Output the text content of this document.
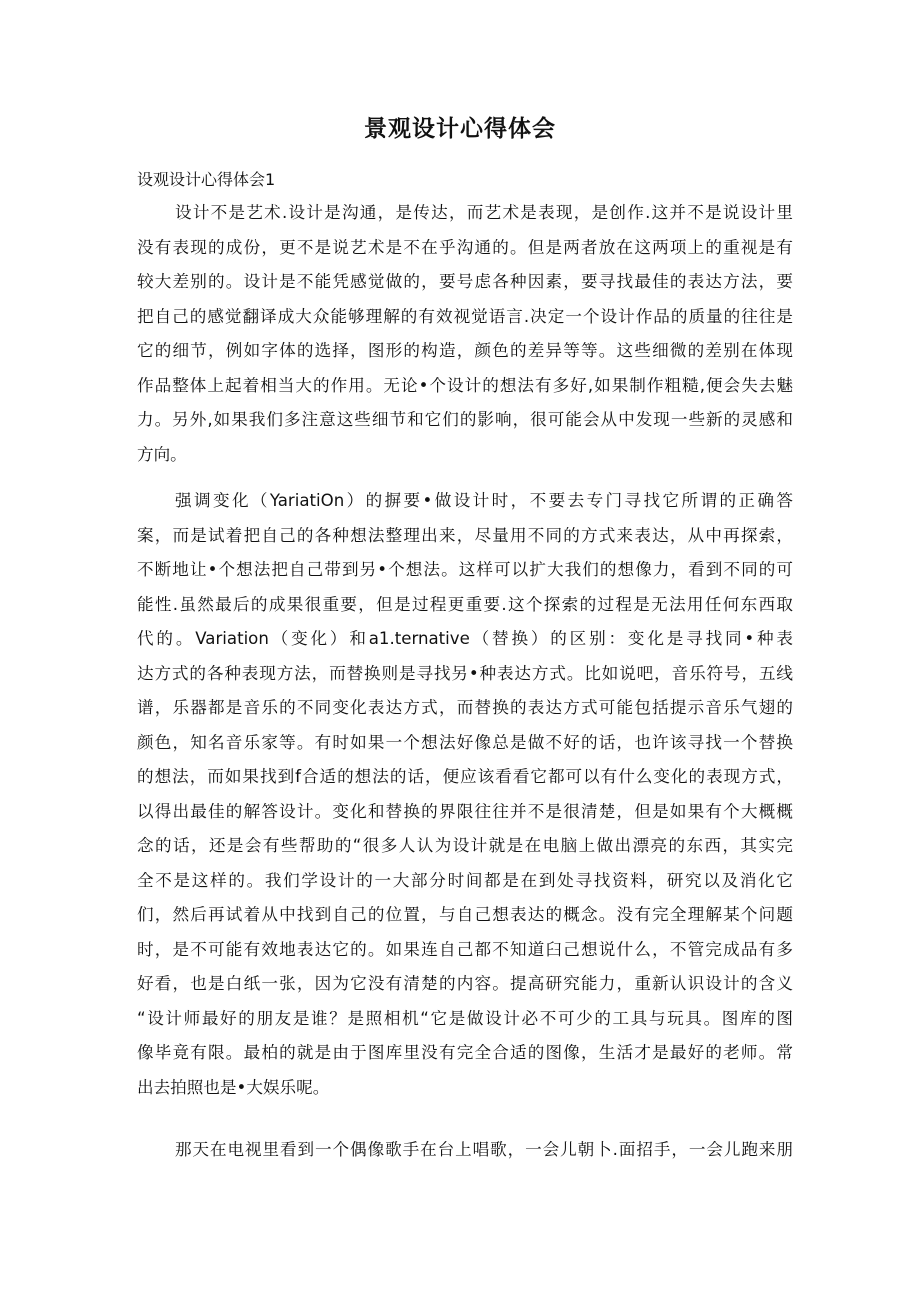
景观设计心得体会
设观设计心得体会1
设计不是艺术.设计是沟通，是传达，而艺术是表现，是创作.这并不是说设计里
没有表现的成份，更不是说艺术是不在乎沟通的。但是两者放在这两项上的重视是有
较大差别的。设计是不能凭感觉做的，要号虑各种因素，要寻找最佳的表达方法，要
把自己的感觉翻译成大众能够理解的有效视觉语言.决定一个设计作品的质量的往往是
它的细节，例如字体的选择，图形的构造，颜色的差异等等。这些细微的差别在体现
作品整体上起着相当大的作用。无论•个设计的想法有多好,如果制作粗糙,便会失去魅
力。另外,如果我们多注意这些细节和它们的影响，很可能会从中发现一些新的灵感和
方向。
强调变化（YariatiOn）的摒要•做设计时，不要去专门寻找它所谓的正确答
案，而是试着把自己的各种想法整理出来，尽量用不同的方式来表达，从中再探索，
不断地让•个想法把自己带到另•个想法。这样可以扩大我们的想像力，看到不同的可
能性.虽然最后的成果很重要，但是过程更重要.这个探索的过程是无法用任何东西取
代的。Variation（变化）和a1.ternative（替换）的区别：变化是寻找同•种表
达方式的各种表现方法，而替换则是寻找另•种表达方式。比如说吧，音乐符号，五线
谱，乐器都是音乐的不同变化表达方式，而替换的表达方式可能包括提示音乐气翅的
颜色，知名音乐家等。有时如果一个想法好像总是做不好的话，也许该寻找一个替换
的想法，而如果找到f合适的想法的话，便应该看看它都可以有什么变化的表现方式，
以得出最佳的解答设计。变化和替换的界限往往并不是很清楚，但是如果有个大概概
念的话，还是会有些帮助的“很多人认为设计就是在电脑上做出漂亮的东西，其实完
全不是这样的。我们学设计的一大部分时间都是在到处寻找资料，研究以及消化它
们，然后再试着从中找到自己的位置，与自己想表达的概念。没有完全理解某个问题
时，是不可能有效地表达它的。如果连自己都不知道臼己想说什么，不管完成品有多
好看，也是白纸一张，因为它没有清楚的内容。提高研究能力，重新认识设计的含义
“设计师最好的朋友是谁？是照相机“它是做设计必不可少的工具与玩具。图库的图
像毕竟有限。最柏的就是由于图库里没有完全合适的图像，生活才是最好的老师。常
出去拍照也是•大娱乐呢。
那天在电视里看到一个偶像歌手在台上唱歌，一会儿朝卜.面招手，一会儿跑来朋
